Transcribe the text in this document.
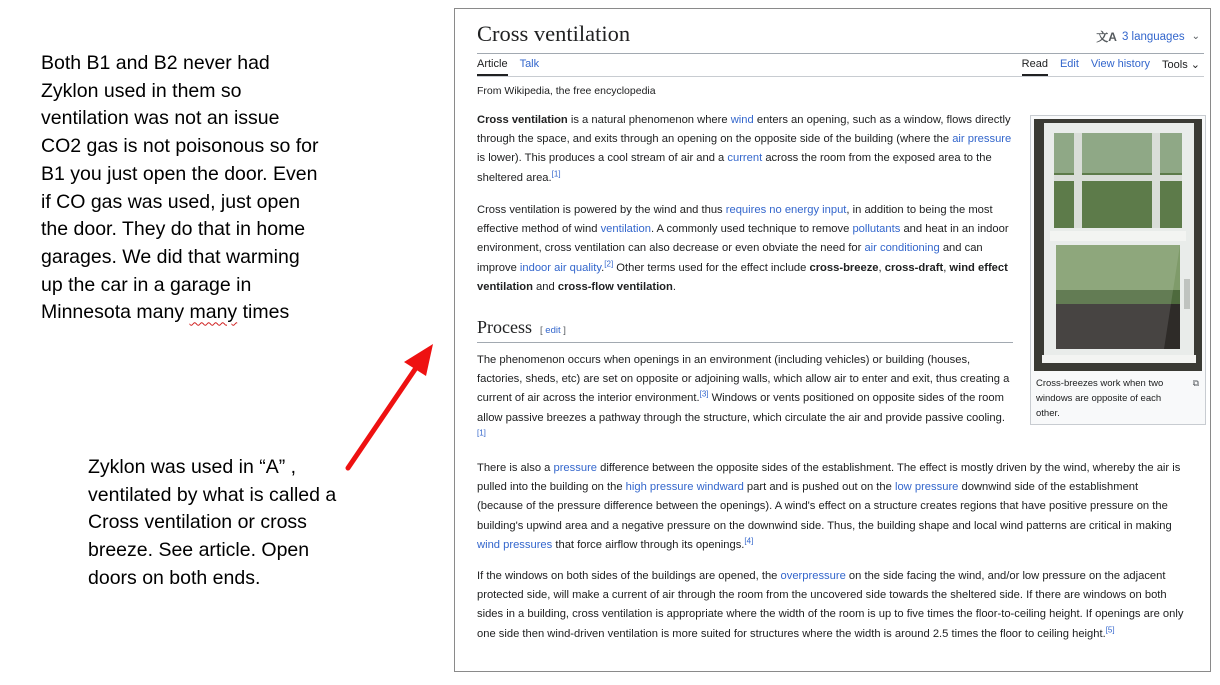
Both B1 and B2 never had
Zyklon used in them so
ventilation was not an issue
CO2 gas is not poisonous so for
B1 you just open the door. Even
if CO gas was used, just open
the door. They do that in home
garages. We did that warming
up the car in a garage in
Minnesota many many times
Zyklon was used in “A” ,
ventilated by what is called a
Cross ventilation or cross
breeze. See article. Open
doors on both ends.
Cross ventilation	文A 3 languages ⌄
Article Talk	Read Edit View history Tools ⌄
From Wikipedia, the free encyclopedia

Cross ventilation is a natural phenomenon where wind enters an opening, such as a window, flows directly through the space, and exits through an opening on the opposite side of the building (where the air pressure is lower). This produces a cool stream of air and a current across the room from the exposed area to the sheltered area.[1]

Cross ventilation is powered by the wind and thus requires no energy input, in addition to being the most effective method of wind ventilation. A commonly used technique to remove pollutants and heat in an indoor environment, cross ventilation can also decrease or even obviate the need for air conditioning and can improve indoor air quality.[2] Other terms used for the effect include cross-breeze, cross-draft, wind effect ventilation and cross-flow ventilation.

Process [ edit ]

The phenomenon occurs when openings in an environment (including vehicles) or building (houses, factories, sheds, etc) are set on opposite or adjoining walls, which allow air to enter and exit, thus creating a current of air across the interior environment.[3] Windows or vents positioned on opposite sides of the room allow passive breezes a pathway through the structure, which circulate the air and provide passive cooling.[1]

There is also a pressure difference between the opposite sides of the establishment. The effect is mostly driven by the wind, whereby the air is pulled into the building on the high pressure windward part and is pushed out on the low pressure downwind side of the establishment (because of the pressure difference between the openings). A wind's effect on a structure creates regions that have positive pressure on the building's upwind area and a negative pressure on the downwind side. Thus, the building shape and local wind patterns are critical in making wind pressures that force airflow through its openings.[4]

If the windows on both sides of the buildings are opened, the overpressure on the side facing the wind, and/or low pressure on the adjacent protected side, will make a current of air through the room from the uncovered side towards the sheltered side. If there are windows on both sides in a building, cross ventilation is appropriate where the width of the room is up to five times the floor-to-ceiling height. If openings are only one side then wind-driven ventilation is more suited for structures where the width is around 2.5 times the floor to ceiling height.[5]

Cross-breezes work when two windows are opposite of each other.
⧉
